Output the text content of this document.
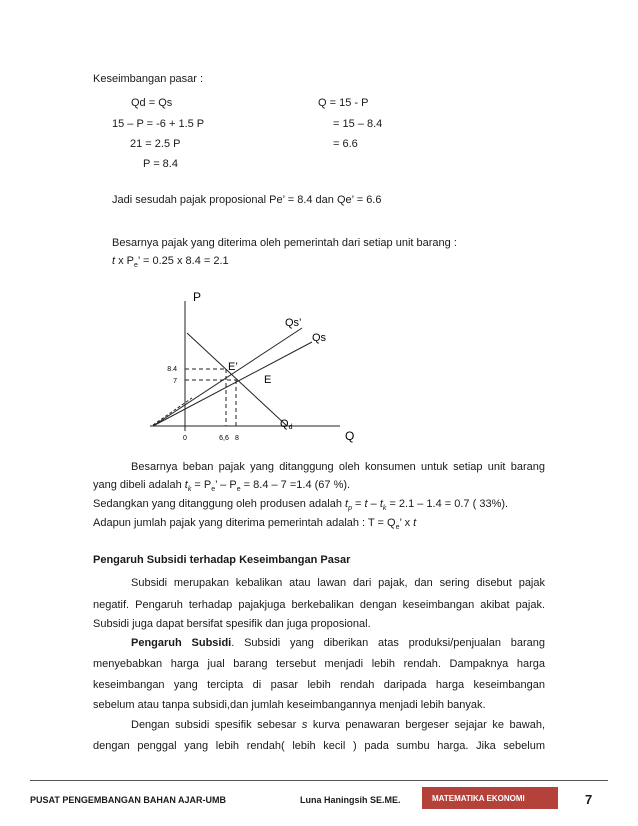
Keseimbangan pasar :
Qd = Qs	Q = 15 - P
15 – P = -6 + 1.5 P	= 15 – 8.4
21 = 2.5 P	= 6.6
P = 8.4
Jadi sesudah pajak proposional Pe’ = 8.4 dan Qe’ = 6.6
Besarnya pajak yang diterima oleh pemerintah dari setiap unit barang :
t x $P_e$’ = 0.25 x 8.4 = 2.1
P
Q
Qs’
Qs
Qd
E’
E
8.4
7
0	6,6 8
Besarnya beban pajak yang ditanggung oleh konsumen untuk setiap unit barang
yang dibeli adalah $t_k = P_e$’ – $P_e = 8.4 - 7 =1.4$ (67 %).
Sedangkan yang ditanggung oleh produsen adalah $t_p = t - t_k = 2.1 - 1.4 = 0.7$ ( 33%).
Adapun jumlah pajak yang diterima pemerintah adalah : $T = Q_e$’ x t
Pengaruh Subsidi terhadap Keseimbangan Pasar
Subsidi merupakan kebalikan atau lawan dari pajak, dan sering disebut pajak
negatif. Pengaruh terhadap pajakjuga berkebalikan dengan keseimbangan akibat pajak.
Subsidi juga dapat bersifat spesifik dan juga proposional.
Pengaruh Subsidi. Subsidi yang diberikan atas produksi/penjualan barang
menyebabkan harga jual barang tersebut menjadi lebih rendah. Dampaknya harga
keseimbangan yang tercipta di pasar lebih rendah daripada harga keseimbangan
sebelum atau tanpa subsidi,dan jumlah keseimbangannya menjadi lebih banyak.
Dengan subsidi spesifik sebesar s kurva penawaran bergeser sejajar ke bawah,
dengan penggal yang lebih rendah( lebih kecil ) pada sumbu harga. Jika sebelum
PUSAT PENGEMBANGAN BAHAN AJAR-UMB	Luna Haningsih SE.ME.	MATEMATIKA EKONOMI	7
